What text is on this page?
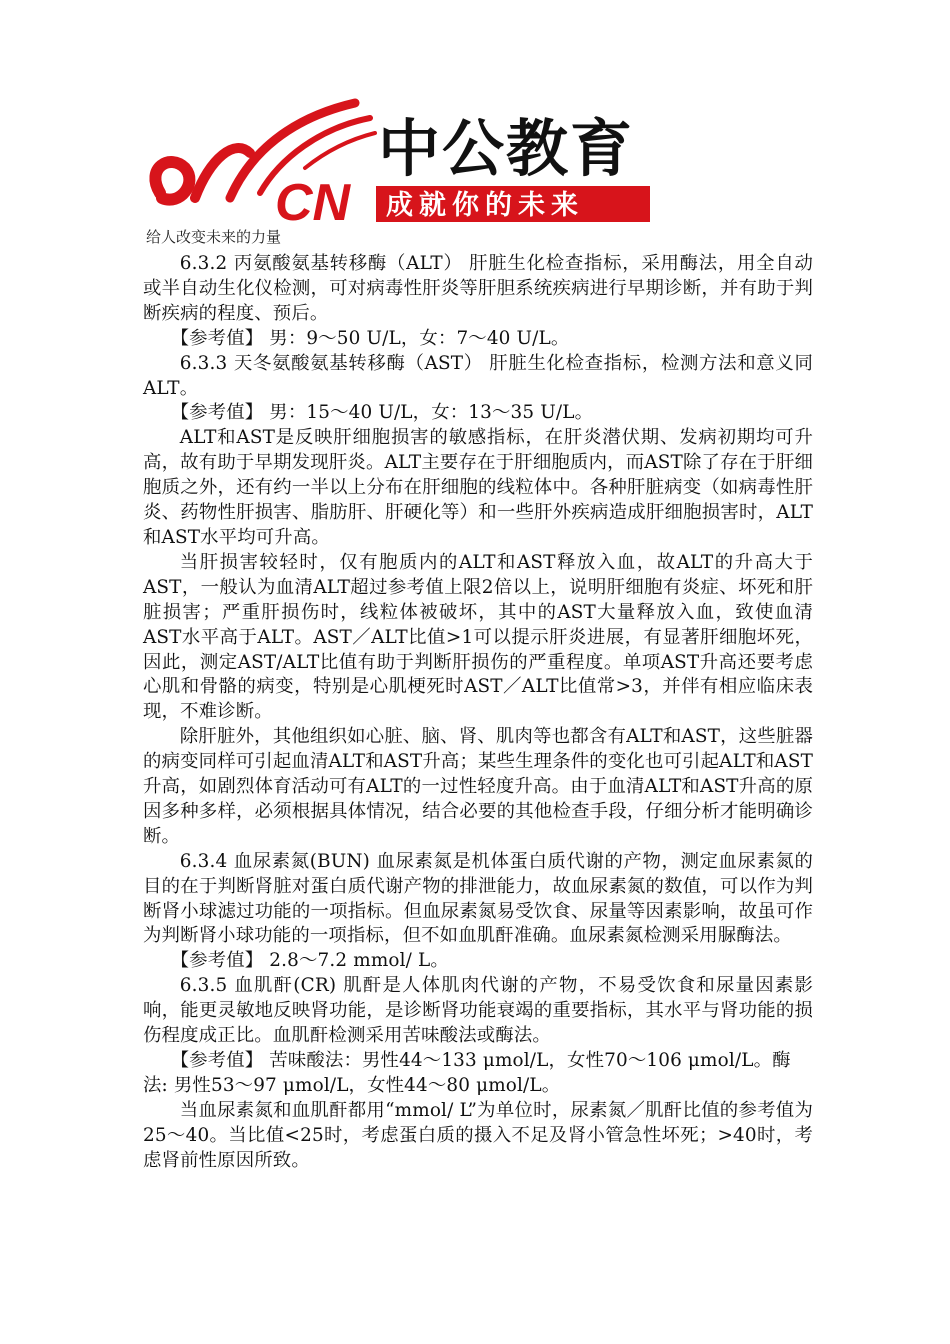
CN
中公教育
成就你的未来
给人改变未来的力量

6.3.2 丙氨酸氨基转移酶（ALT） 肝脏生化检查指标，采用酶法，用全自动或半自动生化仪检测，可对病毒性肝炎等肝胆系统疾病进行早期诊断，并有助于判断疾病的程度、预后。

【参考值】 男：9～50 U/L，女：7～40 U/L。

6.3.3 天冬氨酸氨基转移酶（AST） 肝脏生化检查指标，检测方法和意义同ALT。

【参考值】 男：15～40 U/L，女：13～35 U/L。

ALT和AST是反映肝细胞损害的敏感指标，在肝炎潜伏期、发病初期均可升高，故有助于早期发现肝炎。ALT主要存在于肝细胞质内，而AST除了存在于肝细胞质之外，还有约一半以上分布在肝细胞的线粒体中。各种肝脏病变（如病毒性肝炎、药物性肝损害、脂肪肝、肝硬化等）和一些肝外疾病造成肝细胞损害时，ALT和AST水平均可升高。

当肝损害较轻时，仅有胞质内的ALT和AST释放入血，故ALT的升高大于AST，一般认为血清ALT超过参考值上限2倍以上，说明肝细胞有炎症、坏死和肝脏损害；严重肝损伤时，线粒体被破坏，其中的AST大量释放入血，致使血清AST水平高于ALT。AST／ALT比值>1可以提示肝炎进展，有显著肝细胞坏死，因此，测定AST/ALT比值有助于判断肝损伤的严重程度。单项AST升高还要考虑心肌和骨骼的病变，特别是心肌梗死时AST／ALT比值常>3，并伴有相应临床表现，不难诊断。

除肝脏外，其他组织如心脏、脑、肾、肌肉等也都含有ALT和AST，这些脏器的病变同样可引起血清ALT和AST升高；某些生理条件的变化也可引起ALT和AST升高，如剧烈体育活动可有ALT的一过性轻度升高。由于血清ALT和AST升高的原因多种多样，必须根据具体情况，结合必要的其他检查手段，仔细分析才能明确诊断。

6.3.4 血尿素氮(BUN) 血尿素氮是机体蛋白质代谢的产物，测定血尿素氮的目的在于判断肾脏对蛋白质代谢产物的排泄能力，故血尿素氮的数值，可以作为判断肾小球滤过功能的一项指标。但血尿素氮易受饮食、尿量等因素影响，故虽可作为判断肾小球功能的一项指标，但不如血肌酐准确。血尿素氮检测采用脲酶法。

【参考值】 2.8～7.2 mmol/ L。

6.3.5 血肌酐(CR) 肌酐是人体肌肉代谢的产物，不易受饮食和尿量因素影响，能更灵敏地反映肾功能，是诊断肾功能衰竭的重要指标，其水平与肾功能的损伤程度成正比。血肌酐检测采用苦味酸法或酶法。

【参考值】 苦味酸法：男性44～133 μmol/L，女性70～106 μmol/L。酶法: 男性53～97 μmol/L，女性44～80 μmol/L。

当血尿素氮和血肌酐都用“mmol/ L”为单位时，尿素氮／肌酐比值的参考值为25～40。当比值<25时，考虑蛋白质的摄入不足及肾小管急性坏死；>40时，考虑肾前性原因所致。
